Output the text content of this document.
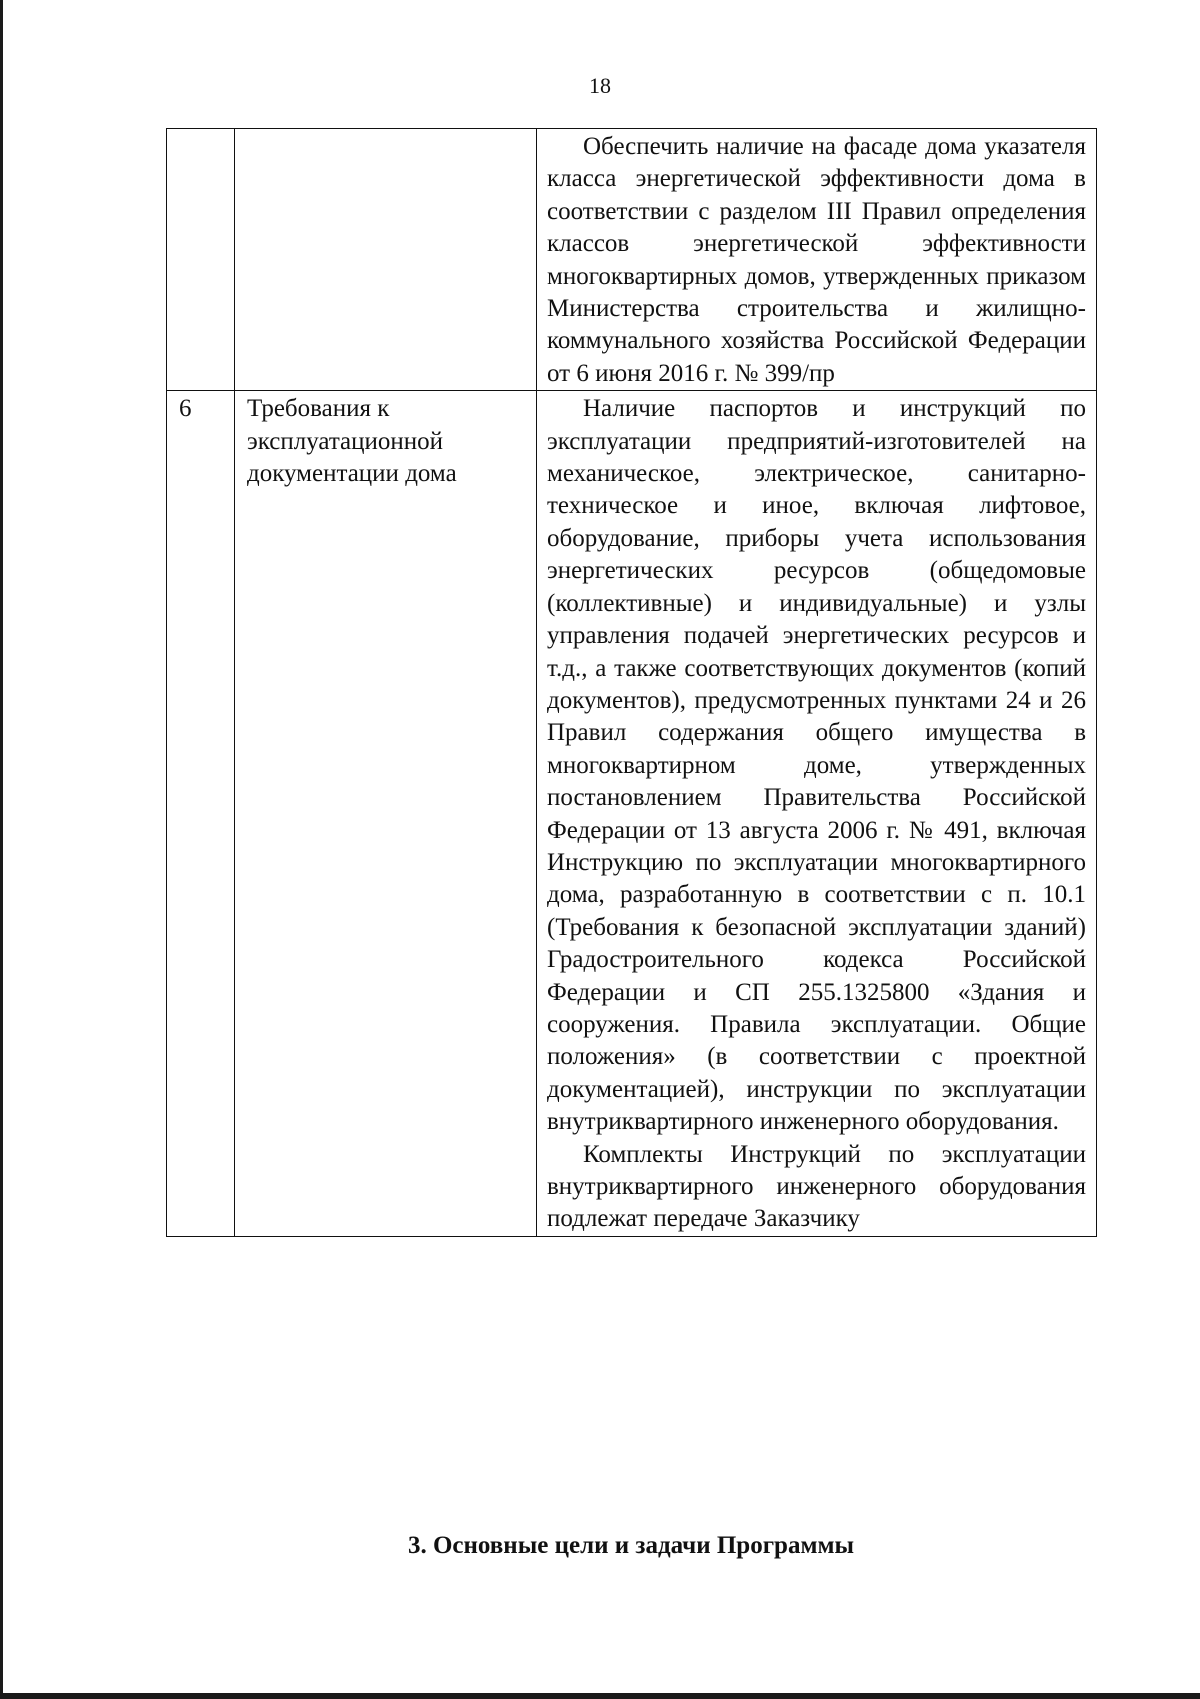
18

		Обеспечить наличие на фасаде дома указателя класса энергетической эффективности дома в соответствии с разделом III Правил определения классов энергетической эффективности многоквартирных домов, утвержденных приказом Министерства строительства и жилищно-коммунального хозяйства Российской Федерации от 6 июня 2016 г. № 399/пр

6	Требования к эксплуатационной документации дома	Наличие паспортов и инструкций по эксплуатации предприятий-изготовителей на механическое, электрическое, санитарно-техническое и иное, включая лифтовое, оборудование, приборы учета использования энергетических ресурсов (общедомовые (коллективные) и индивидуальные) и узлы управления подачей энергетических ресурсов и т.д., а также соответствующих документов (копий документов), предусмотренных пунктами 24 и 26 Правил содержания общего имущества в многоквартирном доме, утвержденных постановлением Правительства Российской Федерации от 13 августа 2006 г. № 491, включая Инструкцию по эксплуатации многоквартирного дома, разработанную в соответствии с п. 10.1 (Требования к безопасной эксплуатации зданий) Градостроительного кодекса Российской Федерации и СП 255.1325800 «Здания и сооружения. Правила эксплуатации. Общие положения» (в соответствии с проектной документацией), инструкции по эксплуатации внутриквартирного инженерного оборудования.

Комплекты Инструкций по эксплуатации внутриквартирного инженерного оборудования подлежат передаче Заказчику

3. Основные цели и задачи Программы
